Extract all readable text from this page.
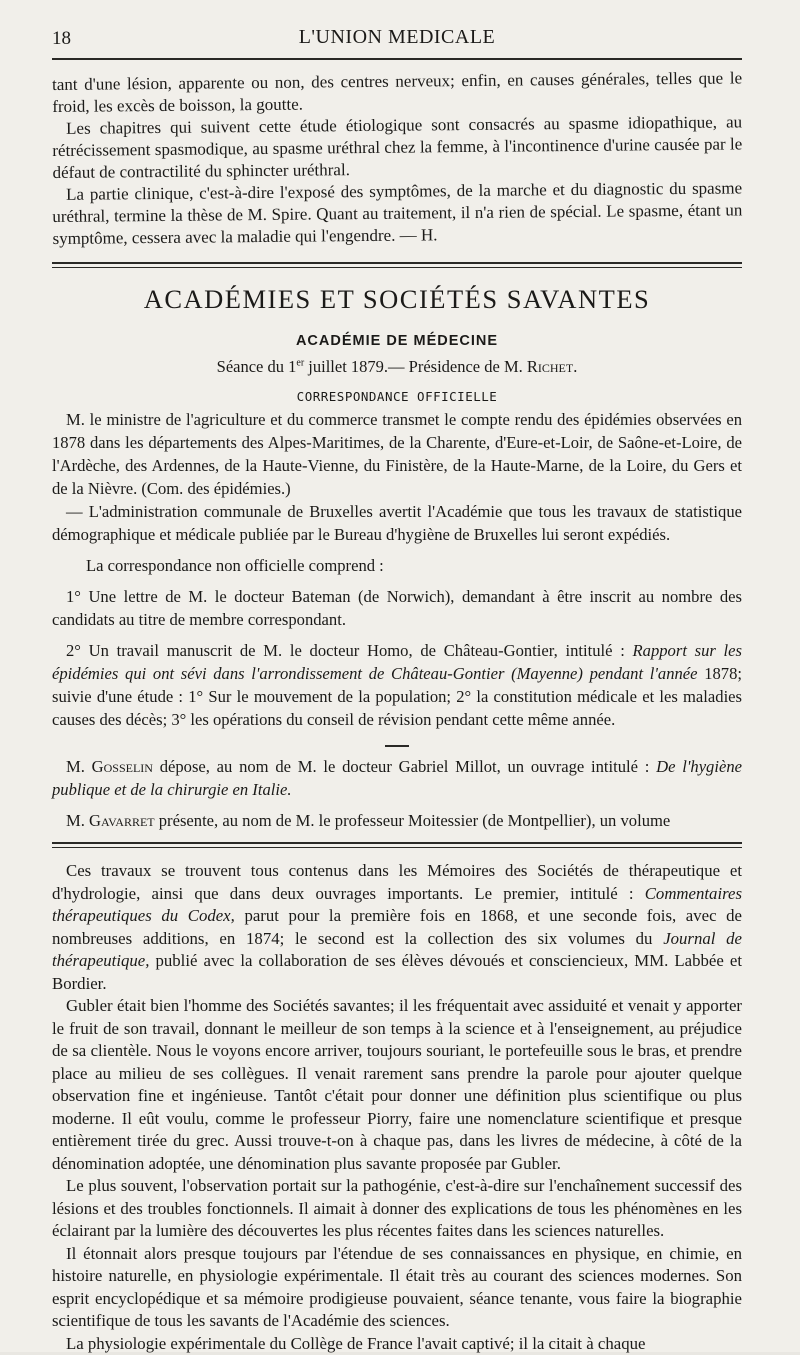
18	L'UNION MEDICALE

tant d'une lésion, apparente ou non, des centres nerveux; enfin, en causes générales, telles que le froid, les excès de boisson, la goutte.

Les chapitres qui suivent cette étude étiologique sont consacrés au spasme idiopathique, au rétrécissement spasmodique, au spasme uréthral chez la femme, à l'incontinence d'urine causée par le défaut de contractilité du sphincter uréthral.

La partie clinique, c'est-à-dire l'exposé des symptômes, de la marche et du diagnostic du spasme uréthral, termine la thèse de M. Spire. Quant au traitement, il n'a rien de spécial. Le spasme, étant un symptôme, cessera avec la maladie qui l'engendre. — H.

ACADÉMIES ET SOCIÉTÉS SAVANTES
ACADÉMIE DE MÉDECINE
Séance du 1er juillet 1879.— Présidence de M. Richet.
CORRESPONDANCE OFFICIELLE

M. le ministre de l'agriculture et du commerce transmet le compte rendu des épidémies observées en 1878 dans les départements des Alpes-Maritimes, de la Charente, d'Eure-et-Loir, de Saône-et-Loire, de l'Ardèche, des Ardennes, de la Haute-Vienne, du Finistère, de la Haute-Marne, de la Loire, du Gers et de la Nièvre. (Com. des épidémies.)

— L'administration communale de Bruxelles avertit l'Académie que tous les travaux de statistique démographique et médicale publiée par le Bureau d'hygiène de Bruxelles lui seront expédiés.

La correspondance non officielle comprend :

1° Une lettre de M. le docteur Bateman (de Norwich), demandant à être inscrit au nombre des candidats au titre de membre correspondant.

2° Un travail manuscrit de M. le docteur Homo, de Château-Gontier, intitulé : Rapport sur les épidémies qui ont sévi dans l'arrondissement de Château-Gontier (Mayenne) pendant l'année 1878; suivie d'une étude : 1° Sur le mouvement de la population; 2° la constitution médicale et les maladies causes des décès; 3° les opérations du conseil de révision pendant cette même année.

M. Gosselin dépose, au nom de M. le docteur Gabriel Millot, un ouvrage intitulé : De l'hygiène publique et de la chirurgie en Italie.

M. Gavarret présente, au nom de M. le professeur Moitessier (de Montpellier), un volume

Ces travaux se trouvent tous contenus dans les Mémoires des Sociétés de thérapeutique et d'hydrologie, ainsi que dans deux ouvrages importants. Le premier, intitulé : Commentaires thérapeutiques du Codex, parut pour la première fois en 1868, et une seconde fois, avec de nombreuses additions, en 1874; le second est la collection des six volumes du Journal de thérapeutique, publié avec la collaboration de ses élèves dévoués et consciencieux, MM. Labbée et Bordier.

Gubler était bien l'homme des Sociétés savantes; il les fréquentait avec assiduité et venait y apporter le fruit de son travail, donnant le meilleur de son temps à la science et à l'enseignement, au préjudice de sa clientèle. Nous le voyons encore arriver, toujours souriant, le portefeuille sous le bras, et prendre place au milieu de ses collègues. Il venait rarement sans prendre la parole pour ajouter quelque observation fine et ingénieuse. Tantôt c'était pour donner une définition plus scientifique ou plus moderne. Il eût voulu, comme le professeur Piorry, faire une nomenclature scientifique et presque entièrement tirée du grec. Aussi trouve-t-on à chaque pas, dans les livres de médecine, à côté de la dénomination adoptée, une dénomination plus savante proposée par Gubler.

Le plus souvent, l'observation portait sur la pathogénie, c'est-à-dire sur l'enchaînement successif des lésions et des troubles fonctionnels. Il aimait à donner des explications de tous les phénomènes en les éclairant par la lumière des découvertes les plus récentes faites dans les sciences naturelles.

Il étonnait alors presque toujours par l'étendue de ses connaissances en physique, en chimie, en histoire naturelle, en physiologie expérimentale. Il était très au courant des sciences modernes. Son esprit encyclopédique et sa mémoire prodigieuse pouvaient, séance tenante, vous faire la biographie scientifique de tous les savants de l'Académie des sciences.

La physiologie expérimentale du Collège de France l'avait captivé; il la citait à chaque
